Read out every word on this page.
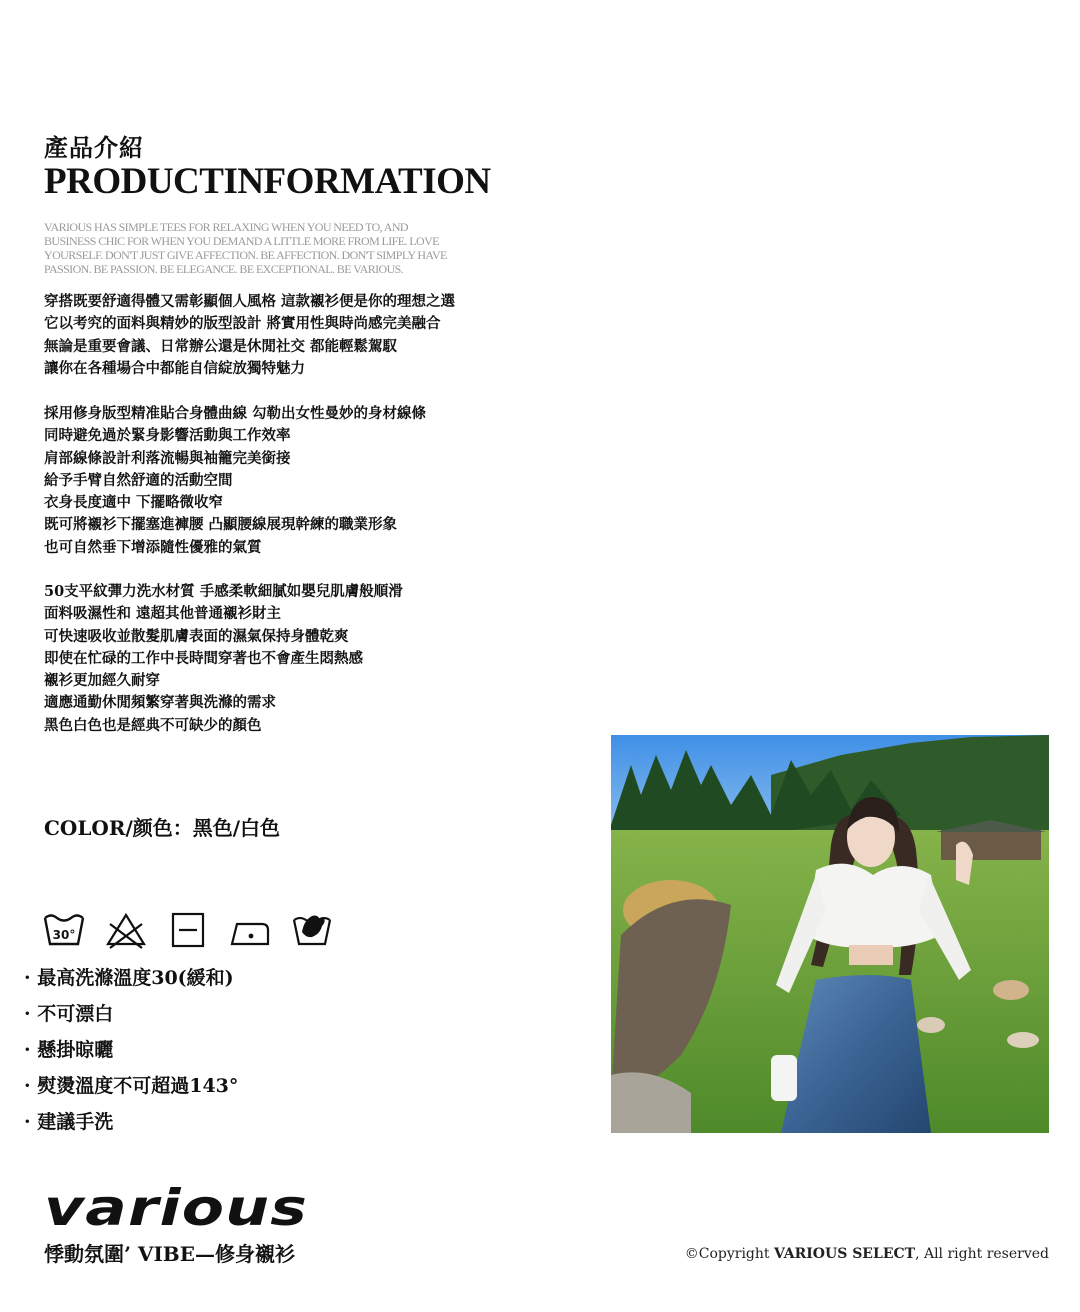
產品介紹
PRODUCTINFORMATION
VARIOUS HAS SIMPLE TEES FOR RELAXING WHEN YOU NEED TO, AND
BUSINESS CHIC FOR WHEN YOU DEMAND A LITTLE MORE FROM LIFE. LOVE
YOURSELF. DON'T JUST GIVE AFFECTION. BE AFFECTION. DON'T SIMPLY HAVE
PASSION. BE PASSION. BE ELEGANCE. BE EXCEPTIONAL. BE VARIOUS.
穿搭既要舒適得體又需彰顯個人風格 這款襯衫便是你的理想之選
它以考究的面料與精妙的版型設計 將實用性與時尚感完美融合
無論是重要會議、日常辦公還是休閒社交 都能輕鬆駕馭
讓你在各種場合中都能自信綻放獨特魅力
採用修身版型精准貼合身體曲線 勾勒出女性曼妙的身材線條
同時避免過於緊身影響活動與工作效率
肩部線條設計利落流暢與袖籠完美銜接
給予手臂自然舒適的活動空間
衣身長度適中 下擺略微收窄
既可將襯衫下擺塞進褲腰 凸顯腰線展現幹練的職業形象
也可自然垂下增添隨性優雅的氣質
50支平紋彈力洗水材質 手感柔軟細膩如嬰兒肌膚般順滑
面料吸濕性和 遠超其他普通襯衫財主
可快速吸收並散髮肌膚表面的濕氣保持身體乾爽
即使在忙碌的工作中長時間穿著也不會產生悶熱感
襯衫更加經久耐穿
適應通勤休閒頻繁穿著與洗滌的需求
黑色白色也是經典不可缺少的顏色
COLOR/颜色：黑色/白色
30°
· 最高洗滌溫度30(緩和)
· 不可漂白
· 懸掛晾曬
· 熨燙溫度不可超過143°
· 建議手洗
various
悸動氛圍’ VIBE—修身襯衫	©Copyright VARIOUS SELECT, All right reserved
